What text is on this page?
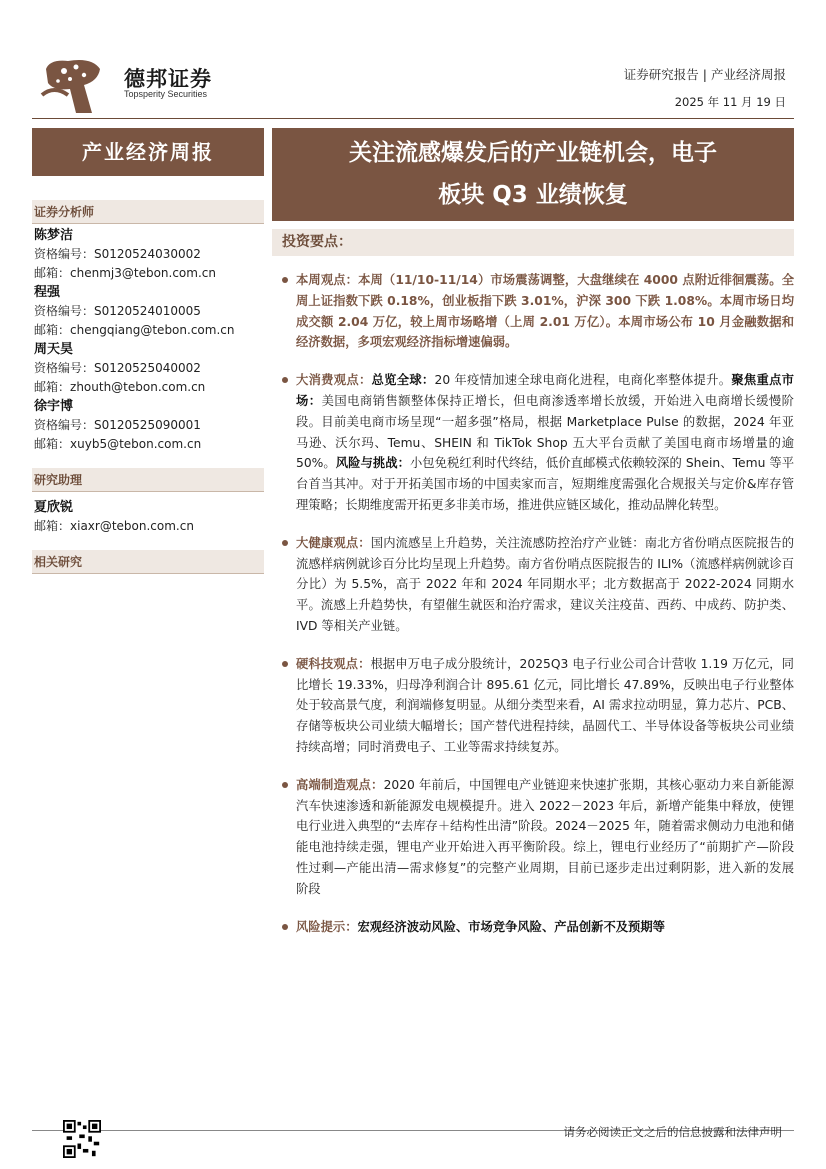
德邦证券
Topsperity Securities
证券研究报告 | 产业经济周报
2025 年 11 月 19 日
产业经济周报	关注流感爆发后的产业链机会，电子
板块 Q3 业绩恢复
证券分析师
陈梦洁
资格编号：S0120524030002
邮箱：chenmj3@tebon.com.cn
程强
资格编号：S0120524010005
邮箱：chengqiang@tebon.com.cn
周天昊
资格编号：S0120525040002
邮箱：zhouth@tebon.com.cn
徐宇博
资格编号：S0120525090001
邮箱：xuyb5@tebon.com.cn
研究助理
夏欣锐
邮箱：xiaxr@tebon.com.cn
相关研究
投资要点：
本周观点：本周（11/10-11/14）市场震荡调整，大盘继续在 4000 点附近徘徊震荡。全周上证指数下跌 0.18%，创业板指下跌 3.01%，沪深 300 下跌 1.08%。本周市场日均成交额 2.04 万亿，较上周市场略增（上周 2.01 万亿）。本周市场公布 10 月金融数据和经济数据，多项宏观经济指标增速偏弱。
大消费观点：总览全球：20 年疫情加速全球电商化进程，电商化率整体提升。聚焦重点市场：美国电商销售额整体保持正增长，但电商渗透率增长放缓，开始进入电商增长缓慢阶段。目前美电商市场呈现“一超多强”格局，根据 Marketplace Pulse 的数据，2024 年亚马逊、沃尔玛、Temu、SHEIN 和 TikTok Shop 五大平台贡献了美国电商市场增量的逾 50%。风险与挑战：小包免税红利时代终结，低价直邮模式依赖较深的 Shein、Temu 等平台首当其冲。对于开拓美国市场的中国卖家而言，短期维度需强化合规报关与定价&库存管理策略；长期维度需开拓更多非美市场，推进供应链区域化，推动品牌化转型。
大健康观点：国内流感呈上升趋势，关注流感防控治疗产业链：南北方省份哨点医院报告的流感样病例就诊百分比均呈现上升趋势。南方省份哨点医院报告的 ILI%（流感样病例就诊百分比）为 5.5%，高于 2022 年和 2024 年同期水平；北方数据高于 2022-2024 同期水平。流感上升趋势快，有望催生就医和治疗需求，建议关注疫苗、西药、中成药、防护类、IVD 等相关产业链。
硬科技观点：根据申万电子成分股统计，2025Q3 电子行业公司合计营收 1.19 万亿元，同比增长 19.33%，归母净利润合计 895.61 亿元，同比增长 47.89%，反映出电子行业整体处于较高景气度，利润端修复明显。从细分类型来看，AI 需求拉动明显，算力芯片、PCB、存储等板块公司业绩大幅增长；国产替代进程持续，晶圆代工、半导体设备等板块公司业绩持续高增；同时消费电子、工业等需求持续复苏。
高端制造观点：2020 年前后，中国锂电产业链迎来快速扩张期，其核心驱动力来自新能源汽车快速渗透和新能源发电规模提升。进入 2022－2023 年后，新增产能集中释放，使锂电行业进入典型的“去库存＋结构性出清”阶段。2024－2025 年，随着需求侧动力电池和储能电池持续走强，锂电产业开始进入再平衡阶段。综上，锂电行业经历了“前期扩产—阶段性过剩—产能出清—需求修复”的完整产业周期，目前已逐步走出过剩阴影，进入新的发展阶段
风险提示：宏观经济波动风险、市场竞争风险、产品创新不及预期等
请务必阅读正文之后的信息披露和法律声明
